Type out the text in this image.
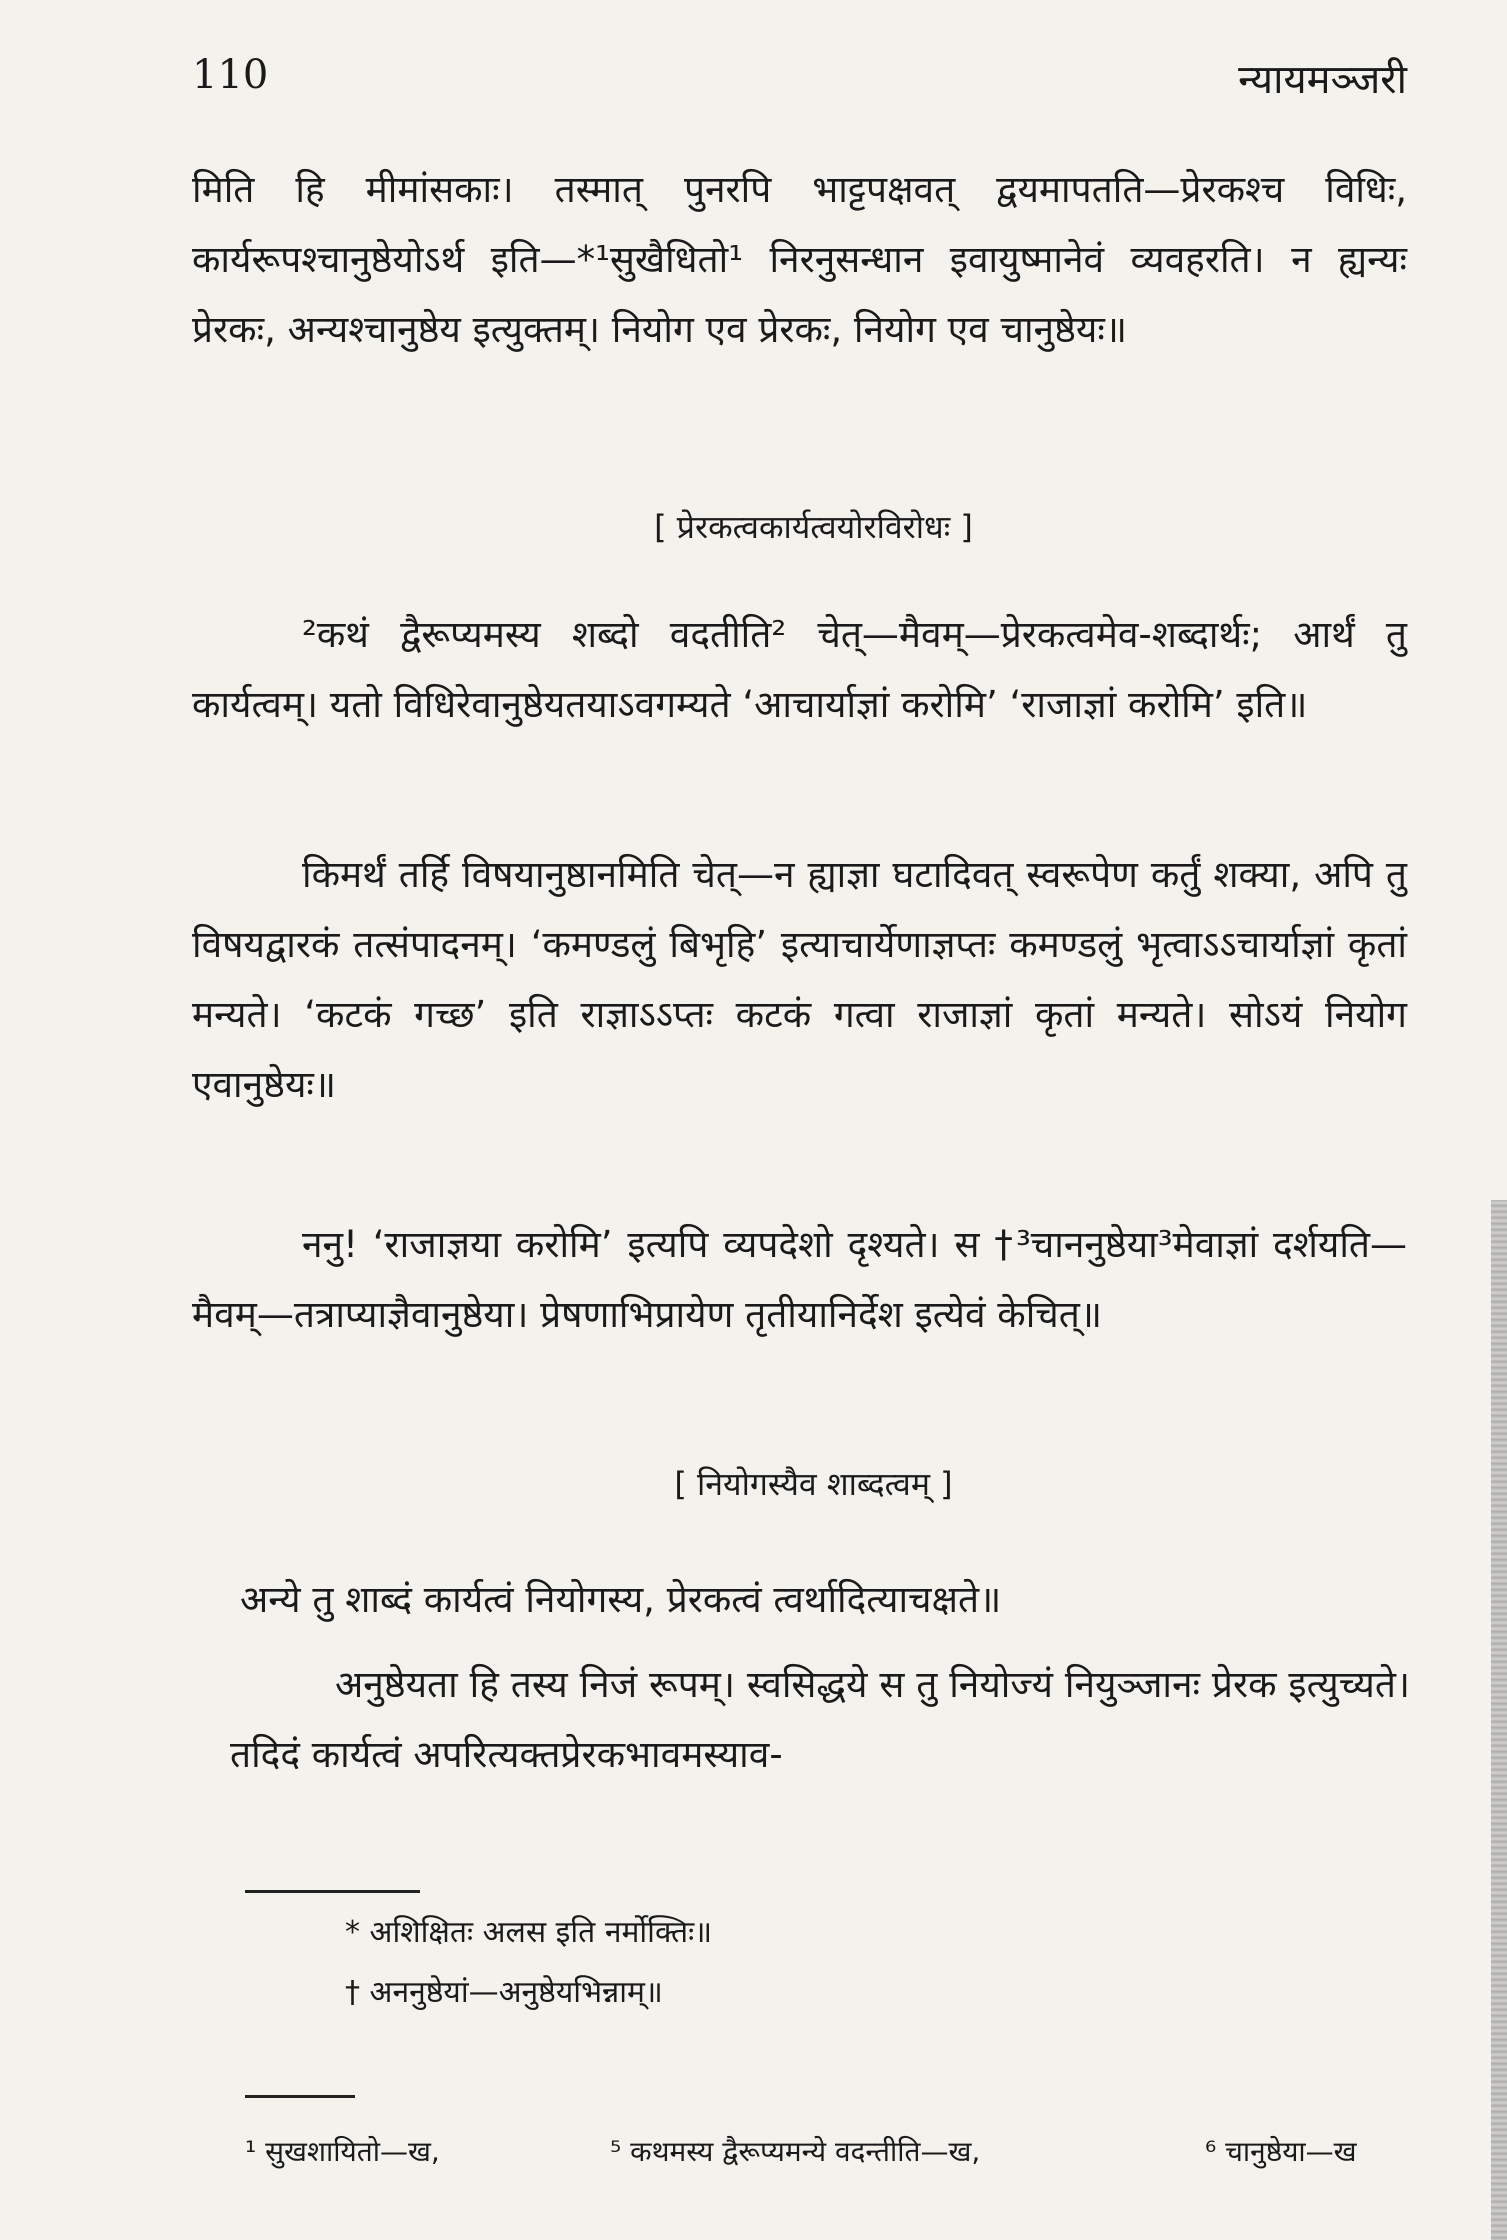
110	न्यायमञ्जरी

मिति हि मीमांसकाः। तस्मात् पुनरपि भाट्टपक्षवत् द्वयमापतति—प्रेरकश्च विधिः, कार्यरूपश्चानुष्ठेयोऽर्थ इति—*¹सुखैधितो¹ निरनुसन्धान इवायुष्मानेवं व्यवहरति। न ह्यन्यः प्रेरकः, अन्यश्चानुष्ठेय इत्युक्तम्। नियोग एव प्रेरकः, नियोग एव चानुष्ठेयः॥

[ प्रेरकत्वकार्यत्वयोरविरोधः ]

²कथं द्वैरूप्यमस्य शब्दो वदतीति² चेत्—मैवम्—प्रेरकत्वमेव-शब्दार्थः; आर्थं तु कार्यत्वम्। यतो विधिरेवानुष्ठेयतयाऽवगम्यते ‘आचार्याज्ञां करोमि’ ‘राजाज्ञां करोमि’ इति॥

किमर्थं तर्हि विषयानुष्ठानमिति चेत्—न ह्याज्ञा घटादिवत् स्वरूपेण कर्तुं शक्या, अपि तु विषयद्वारकं तत्संपादनम्। ‘कमण्डलुं बिभृहि’ इत्याचार्येणाज्ञप्तः कमण्डलुं भृत्वाऽऽचार्याज्ञां कृतां मन्यते। ‘कटकं गच्छ’ इति राज्ञाऽऽप्तः कटकं गत्वा राजाज्ञां कृतां मन्यते। सोऽयं नियोग एवानुष्ठेयः॥

ननु! ‘राजाज्ञया करोमि’ इत्यपि व्यपदेशो दृश्यते। स †³चाननुष्ठेया³मेवाज्ञां दर्शयति—मैवम्—तत्राप्याज्ञैवानुष्ठेया। प्रेषणाभिप्रायेण तृतीयानिर्देश इत्येवं केचित्॥

[ नियोगस्यैव शाब्दत्वम् ]

अन्ये तु शाब्दं कार्यत्वं नियोगस्य, प्रेरकत्वं त्वर्थादित्याचक्षते॥

अनुष्ठेयता हि तस्य निजं रूपम्। स्वसिद्धये स तु नियोज्यं नियुञ्जानः प्रेरक इत्युच्यते। तदिदं कार्यत्वं अपरित्यक्तप्रेरकभावमस्याव-

* अशिक्षितः अलस इति नर्मोक्तिः॥
† अननुष्ठेयां—अनुष्ठेयभिन्नाम्॥
¹ सुखशायितो—ख,	⁵ कथमस्य द्वैरूप्यमन्ये वदन्तीति—ख,	⁶ चानुष्ठेया—ख
